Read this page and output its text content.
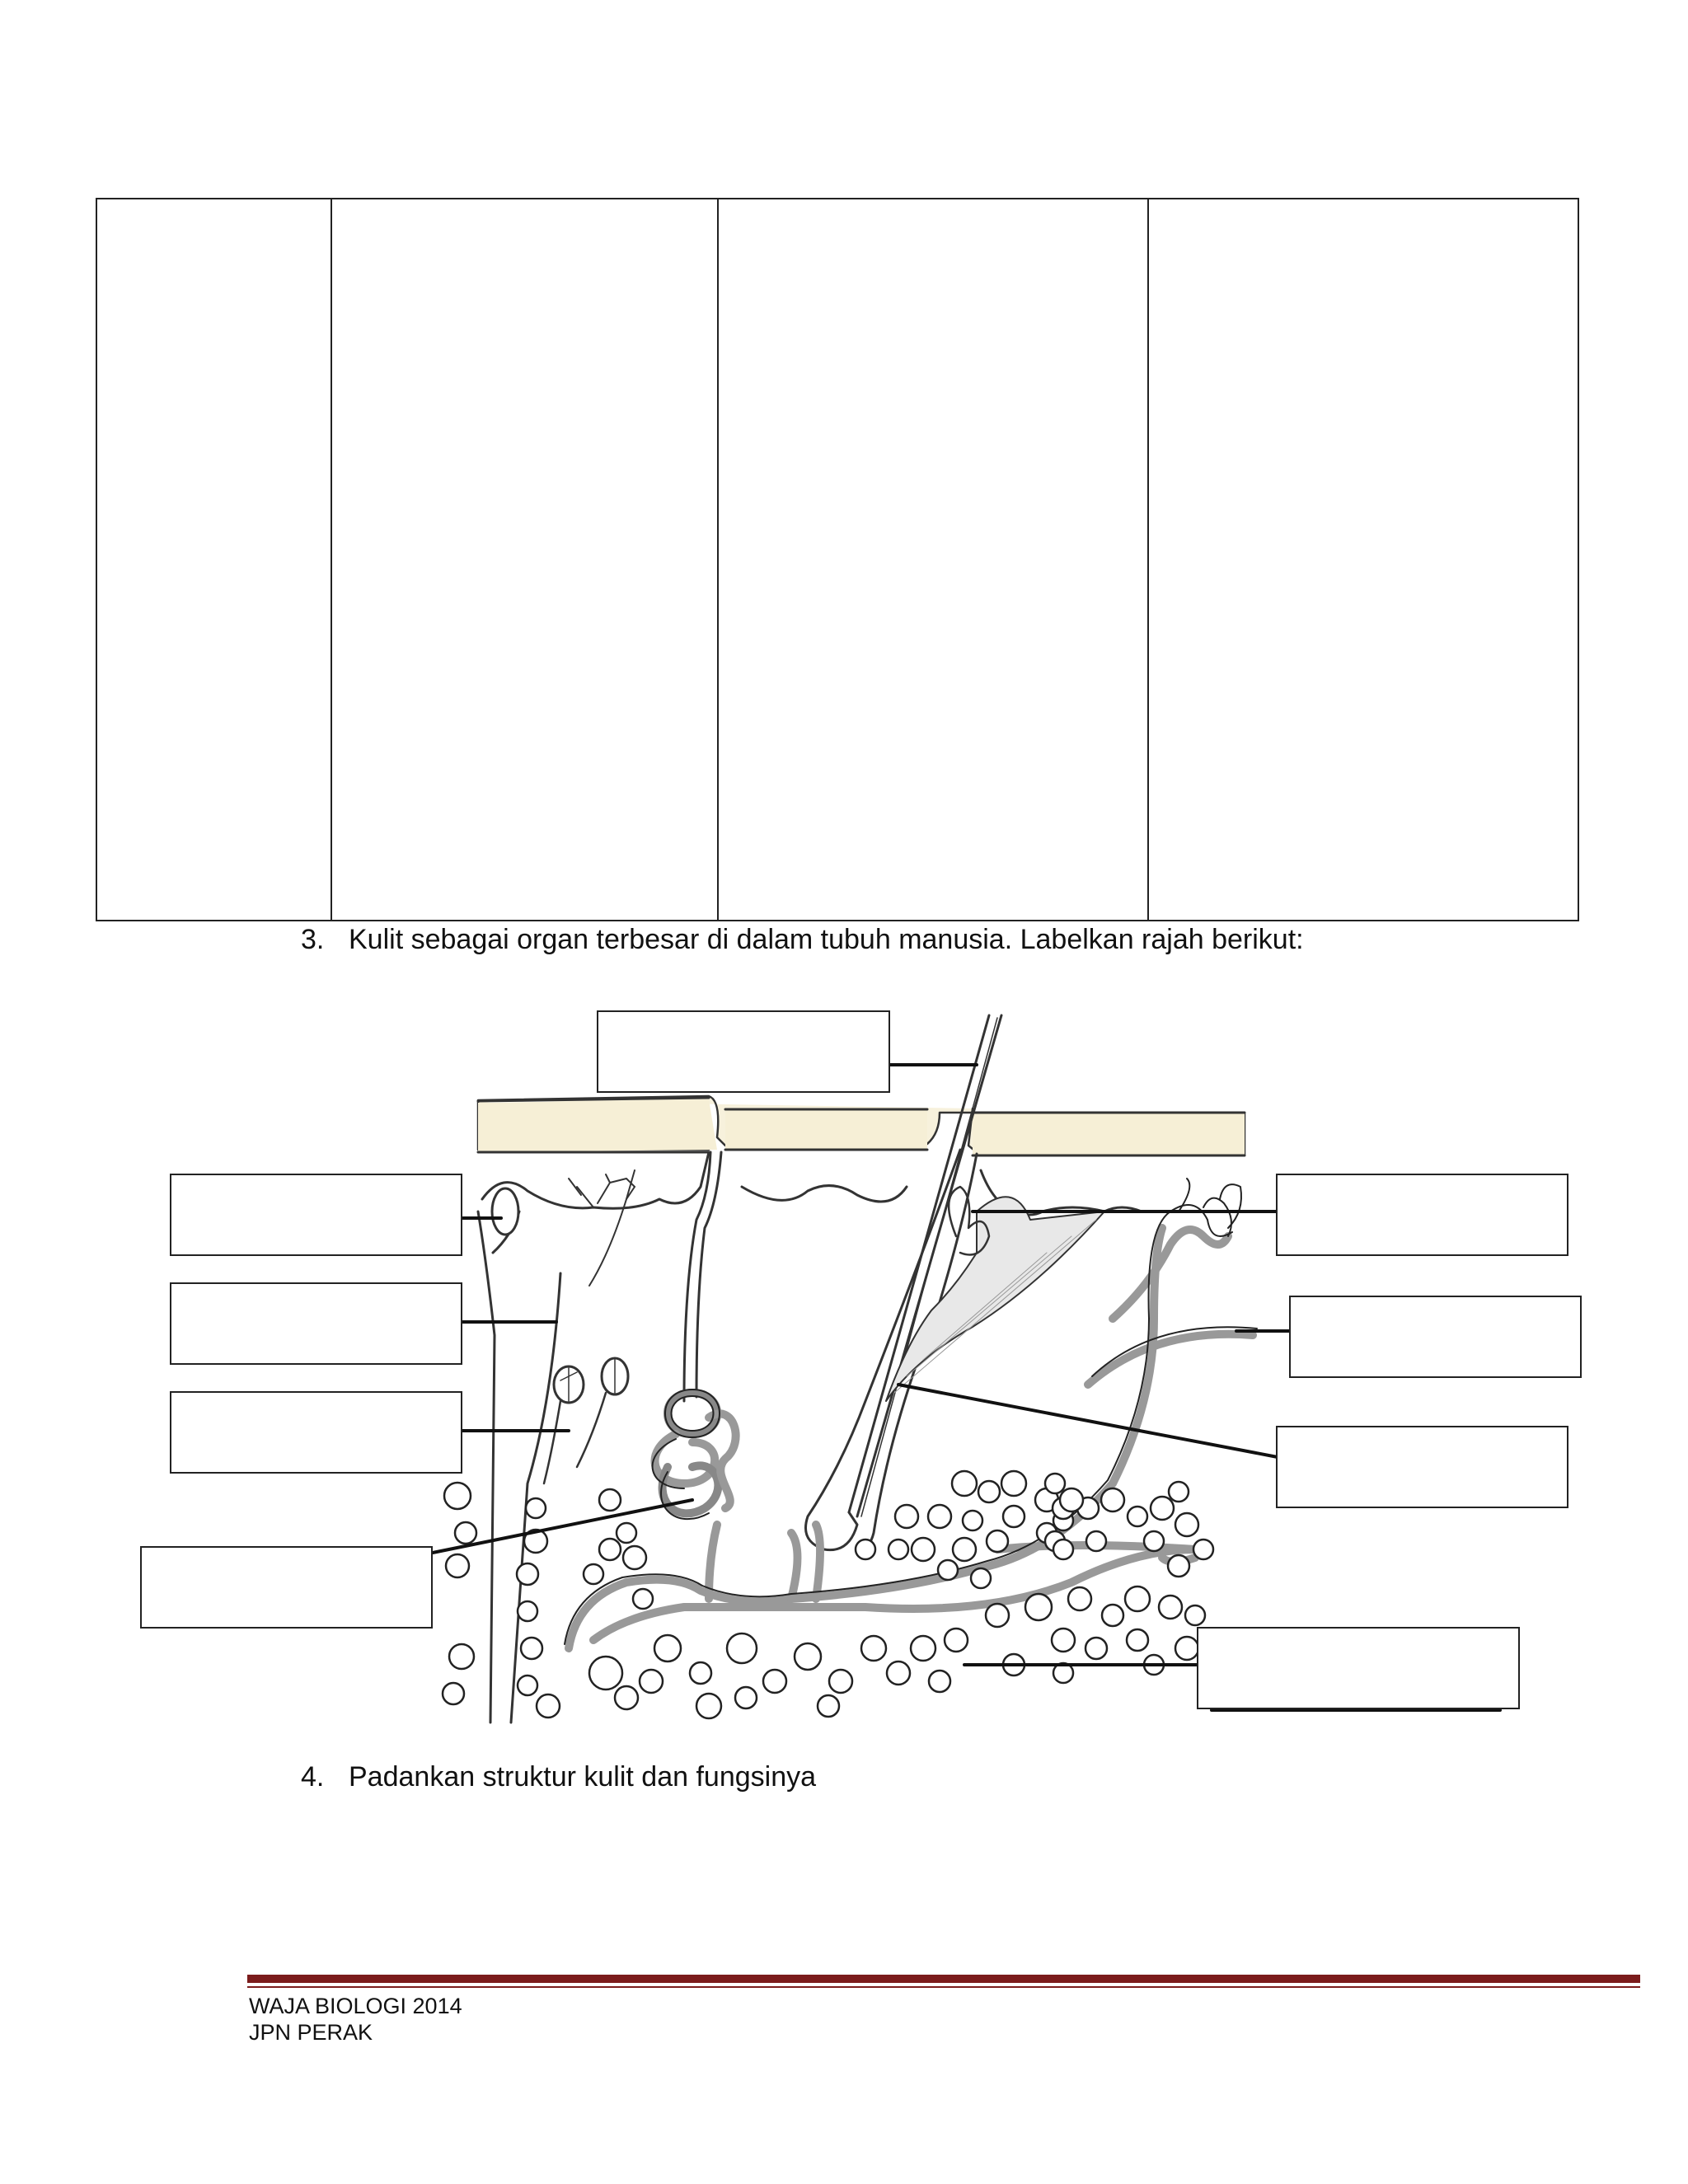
3. Kulit sebagai organ terbesar di dalam tubuh manusia. Labelkan rajah berikut:
4. Padankan struktur kulit dan fungsinya
WAJA BIOLOGI 2014
JPN PERAK
